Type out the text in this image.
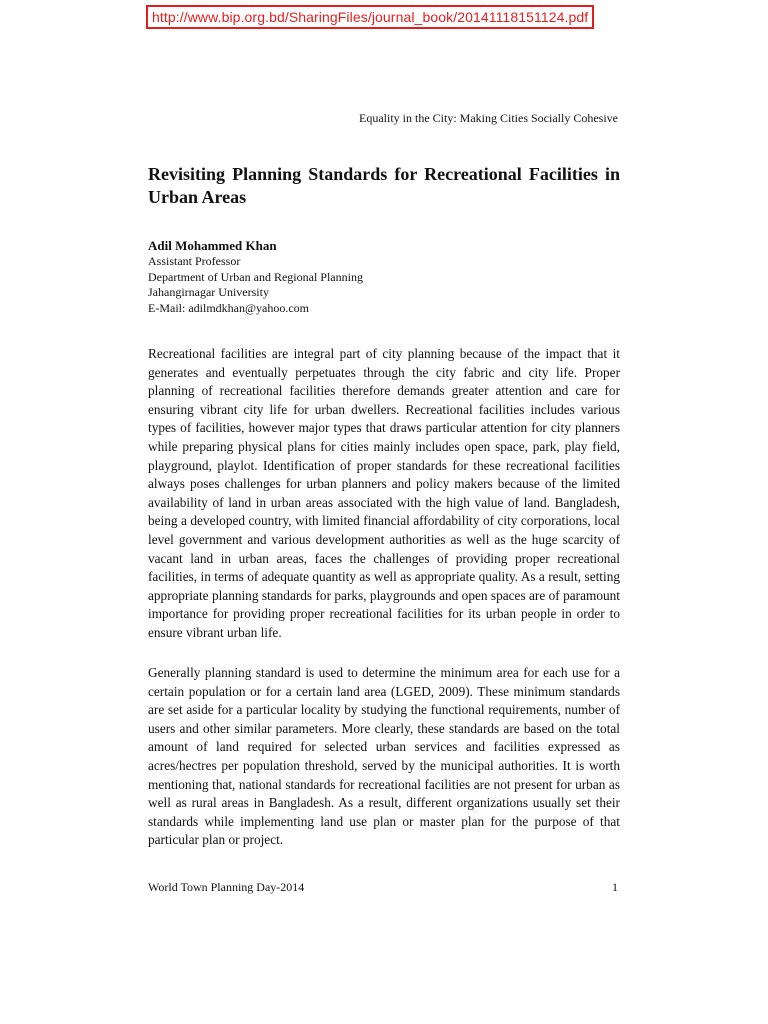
http://www.bip.org.bd/SharingFiles/journal_book/20141118151124.pdf
Equality in the City: Making Cities Socially Cohesive
Revisiting Planning Standards for Recreational Facilities in Urban Areas
Adil Mohammed Khan
Assistant Professor
Department of Urban and Regional Planning
Jahangirnagar University
E-Mail: adilmdkhan@yahoo.com

Recreational facilities are integral part of city planning because of the impact that it generates and eventually perpetuates through the city fabric and city life. Proper planning of recreational facilities therefore demands greater attention and care for ensuring vibrant city life for urban dwellers. Recreational facilities includes various types of facilities, however major types that draws particular attention for city planners while preparing physical plans for cities mainly includes open space, park, play field, playground, playlot. Identification of proper standards for these recreational facilities always poses challenges for urban planners and policy makers because of the limited availability of land in urban areas associated with the high value of land. Bangladesh, being a developed country, with limited financial affordability of city corporations, local level government and various development authorities as well as the huge scarcity of vacant land in urban areas, faces the challenges of providing proper recreational facilities, in terms of adequate quantity as well as appropriate quality. As a result, setting appropriate planning standards for parks, playgrounds and open spaces are of paramount importance for providing proper recreational facilities for its urban people in order to ensure vibrant urban life.

Generally planning standard is used to determine the minimum area for each use for a certain population or for a certain land area (LGED, 2009). These minimum standards are set aside for a particular locality by studying the functional requirements, number of users and other similar parameters. More clearly, these standards are based on the total amount of land required for selected urban services and facilities expressed as acres/hectres per population threshold, served by the municipal authorities. It is worth mentioning that, national standards for recreational facilities are not present for urban as well as rural areas in Bangladesh. As a result, different organizations usually set their standards while implementing land use plan or master plan for the purpose of that particular plan or project.

World Town Planning Day-2014	1
